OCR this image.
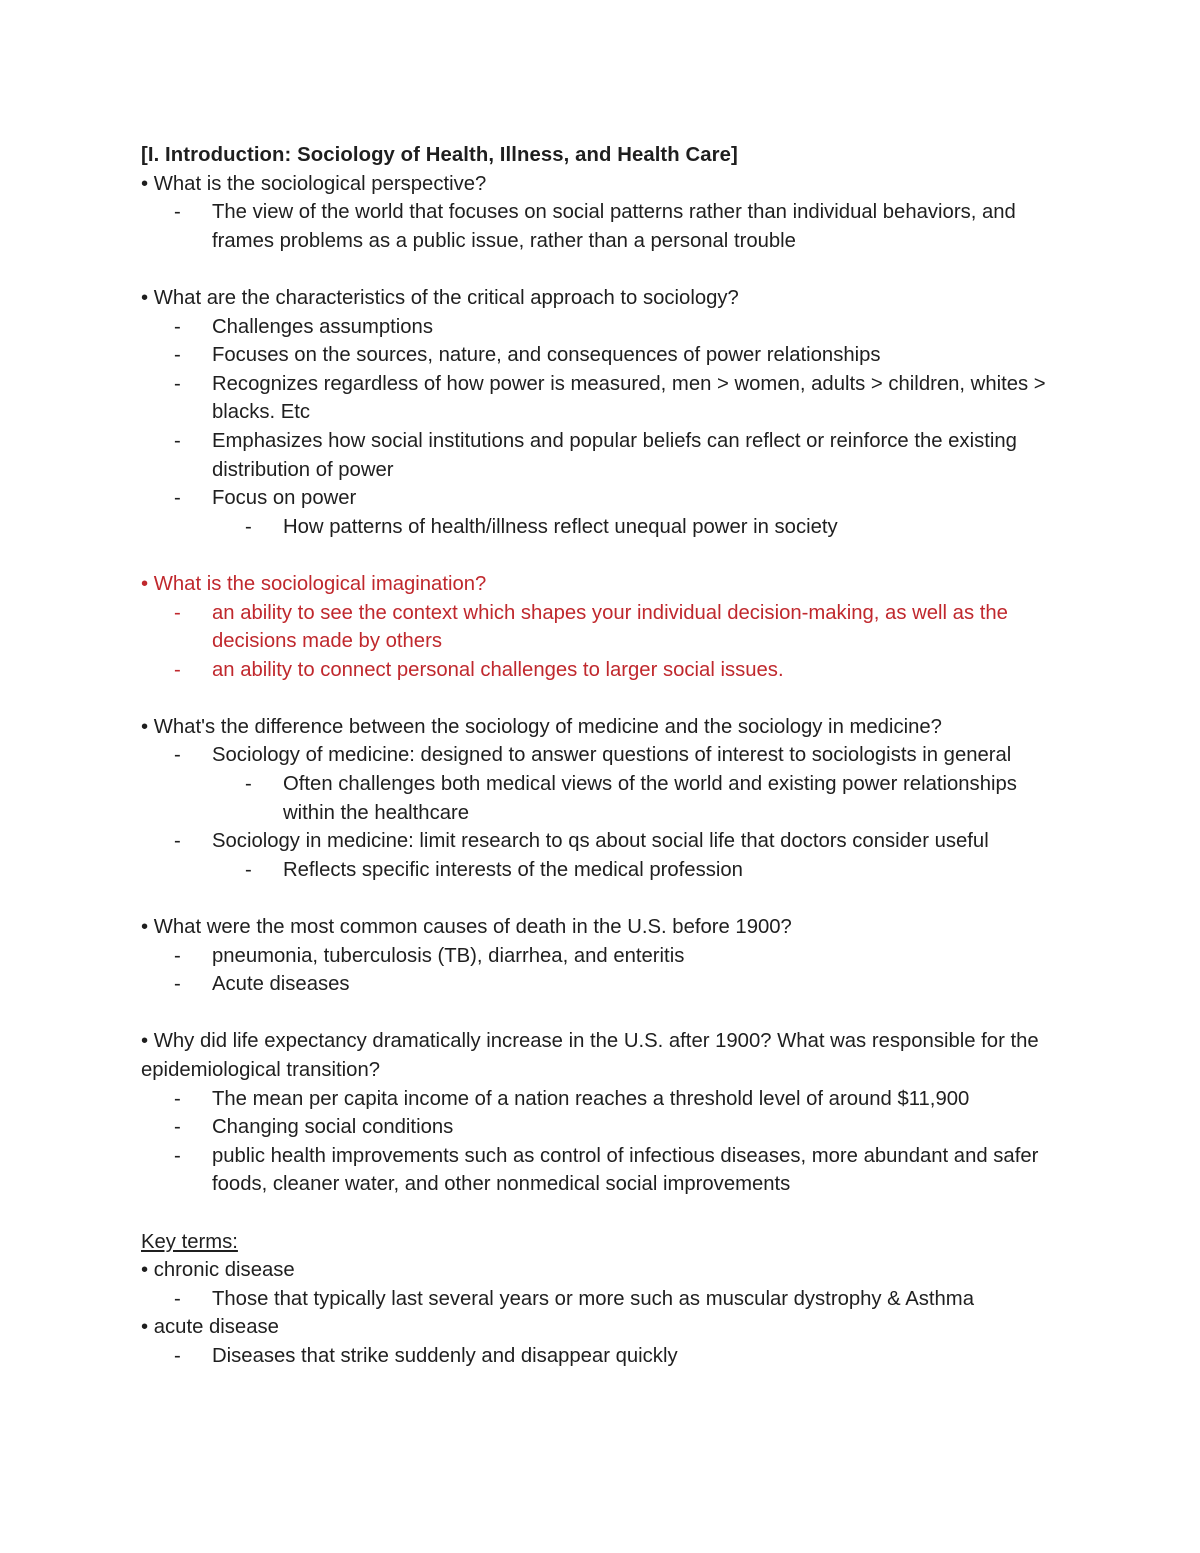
[I. Introduction: Sociology of Health, Illness, and Health Care]
• What is the sociological perspective?
- The view of the world that focuses on social patterns rather than individual behaviors, and frames problems as a public issue, rather than a personal trouble
• What are the characteristics of the critical approach to sociology?
- Challenges assumptions
- Focuses on the sources, nature, and consequences of power relationships
- Recognizes regardless of how power is measured, men > women, adults > children, whites > blacks. Etc
- Emphasizes how social institutions and popular beliefs can reflect or reinforce the existing distribution of power
- Focus on power
- How patterns of health/illness reflect unequal power in society
• What is the sociological imagination?
- an ability to see the context which shapes your individual decision-making, as well as the decisions made by others
- an ability to connect personal challenges to larger social issues.
• What's the difference between the sociology of medicine and the sociology in medicine?
- Sociology of medicine: designed to answer questions of interest to sociologists in general
- Often challenges both medical views of the world and existing power relationships within the healthcare
- Sociology in medicine: limit research to qs about social life that doctors consider useful
- Reflects specific interests of the medical profession
• What were the most common causes of death in the U.S. before 1900?
- pneumonia, tuberculosis (TB), diarrhea, and enteritis
- Acute diseases
• Why did life expectancy dramatically increase in the U.S. after 1900? What was responsible for the epidemiological transition?
- The mean per capita income of a nation reaches a threshold level of around $11,900
- Changing social conditions
- public health improvements such as control of infectious diseases, more abundant and safer foods, cleaner water, and other nonmedical social improvements
Key terms:
• chronic disease
- Those that typically last several years or more such as muscular dystrophy & Asthma
• acute disease
- Diseases that strike suddenly and disappear quickly
